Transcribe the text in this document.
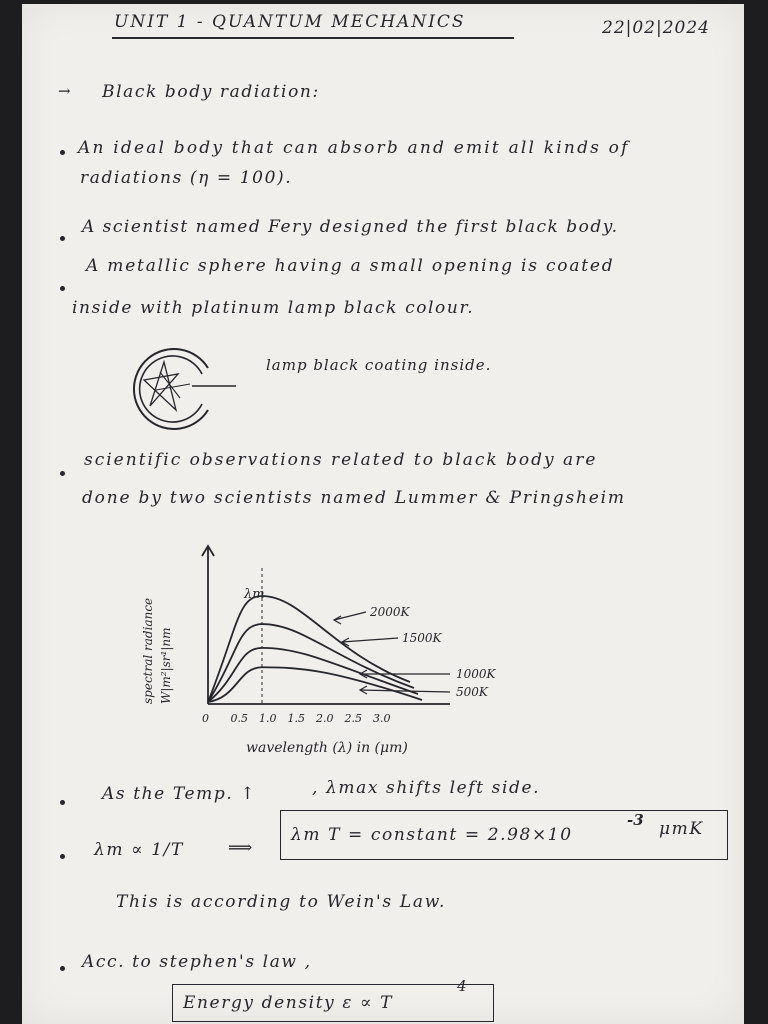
UNIT 1 - QUANTUM MECHANICS	22|02|2024
→ Black body radiation:
An ideal body that can absorb and emit all kinds of
radiations (η = 100).
A scientist named Fery designed the first black body.
A metallic sphere having a small opening is coated
inside with platinum lamp black colour.
lamp black coating inside.
scientific observations related to black body are
done by two scientists named Lummer & Pringsheim
spectral radiance W|m²|sr¹|nm
0 0.5 1.0 1.5 2.0 2.5 3.0
wavelength (λ) in (μm)
λm
2000K
1500K
1000K
500K
As the Temp. ↑	, λmax shifts left side.
λm ∝ 1/T	⟹
λm T = constant = 2.98×10
-3 μmK
This is according to Wein's Law.
Acc. to stephen's law ,
Energy density ε ∝ T
4
